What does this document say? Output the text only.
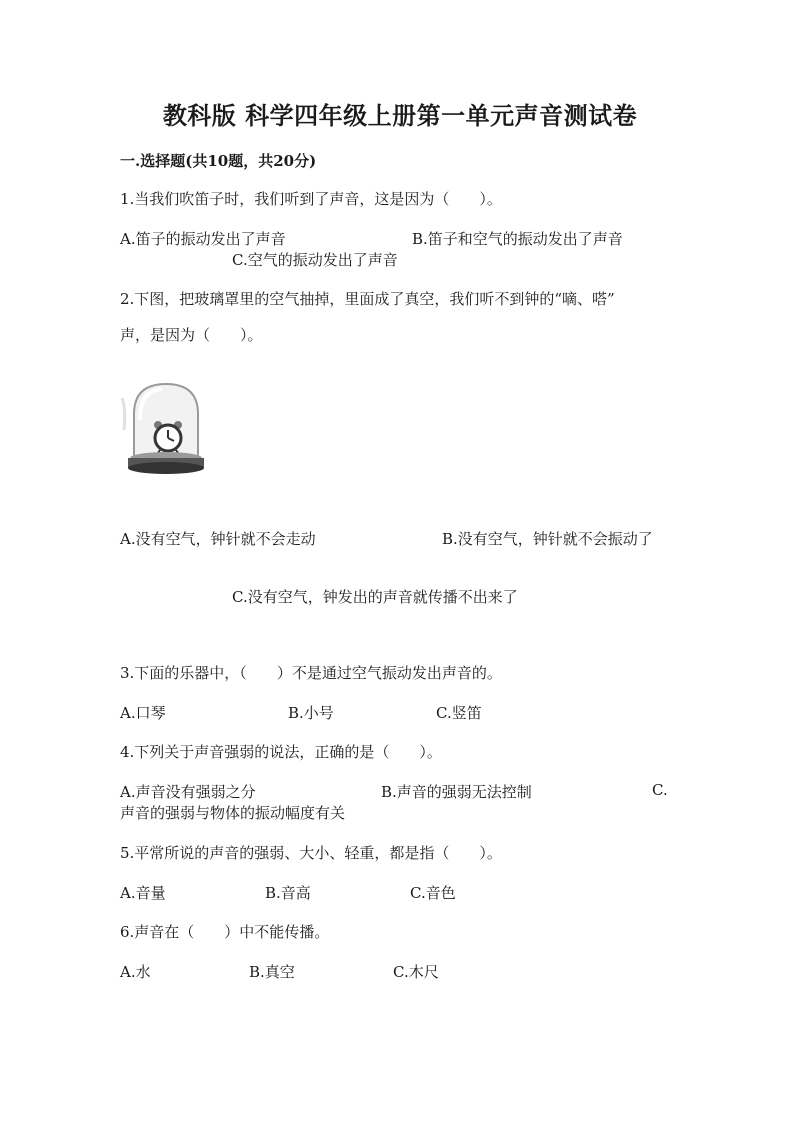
教科版 科学四年级上册第一单元声音测试卷
一.选择题(共10题，共20分)
1.当我们吹笛子时，我们听到了声音，这是因为（　　）。
A.笛子的振动发出了声音	B.笛子和空气的振动发出了声音
C.空气的振动发出了声音
2.下图，把玻璃罩里的空气抽掉，里面成了真空，我们听不到钟的“嘀、嗒”
声，是因为（　　）。
A.没有空气，钟针就不会走动	B.没有空气，钟针就不会振动了
C.没有空气，钟发出的声音就传播不出来了
3.下面的乐器中，（　　）不是通过空气振动发出声音的。
A.口琴	B.小号	C.竖笛
4.下列关于声音强弱的说法，正确的是（　　）。
A.声音没有强弱之分	B.声音的强弱无法控制	C.
声音的强弱与物体的振动幅度有关
5.平常所说的声音的强弱、大小、轻重，都是指（　　）。
A.音量	B.音高	C.音色
6.声音在（　　）中不能传播。
A.水	B.真空	C.木尺
